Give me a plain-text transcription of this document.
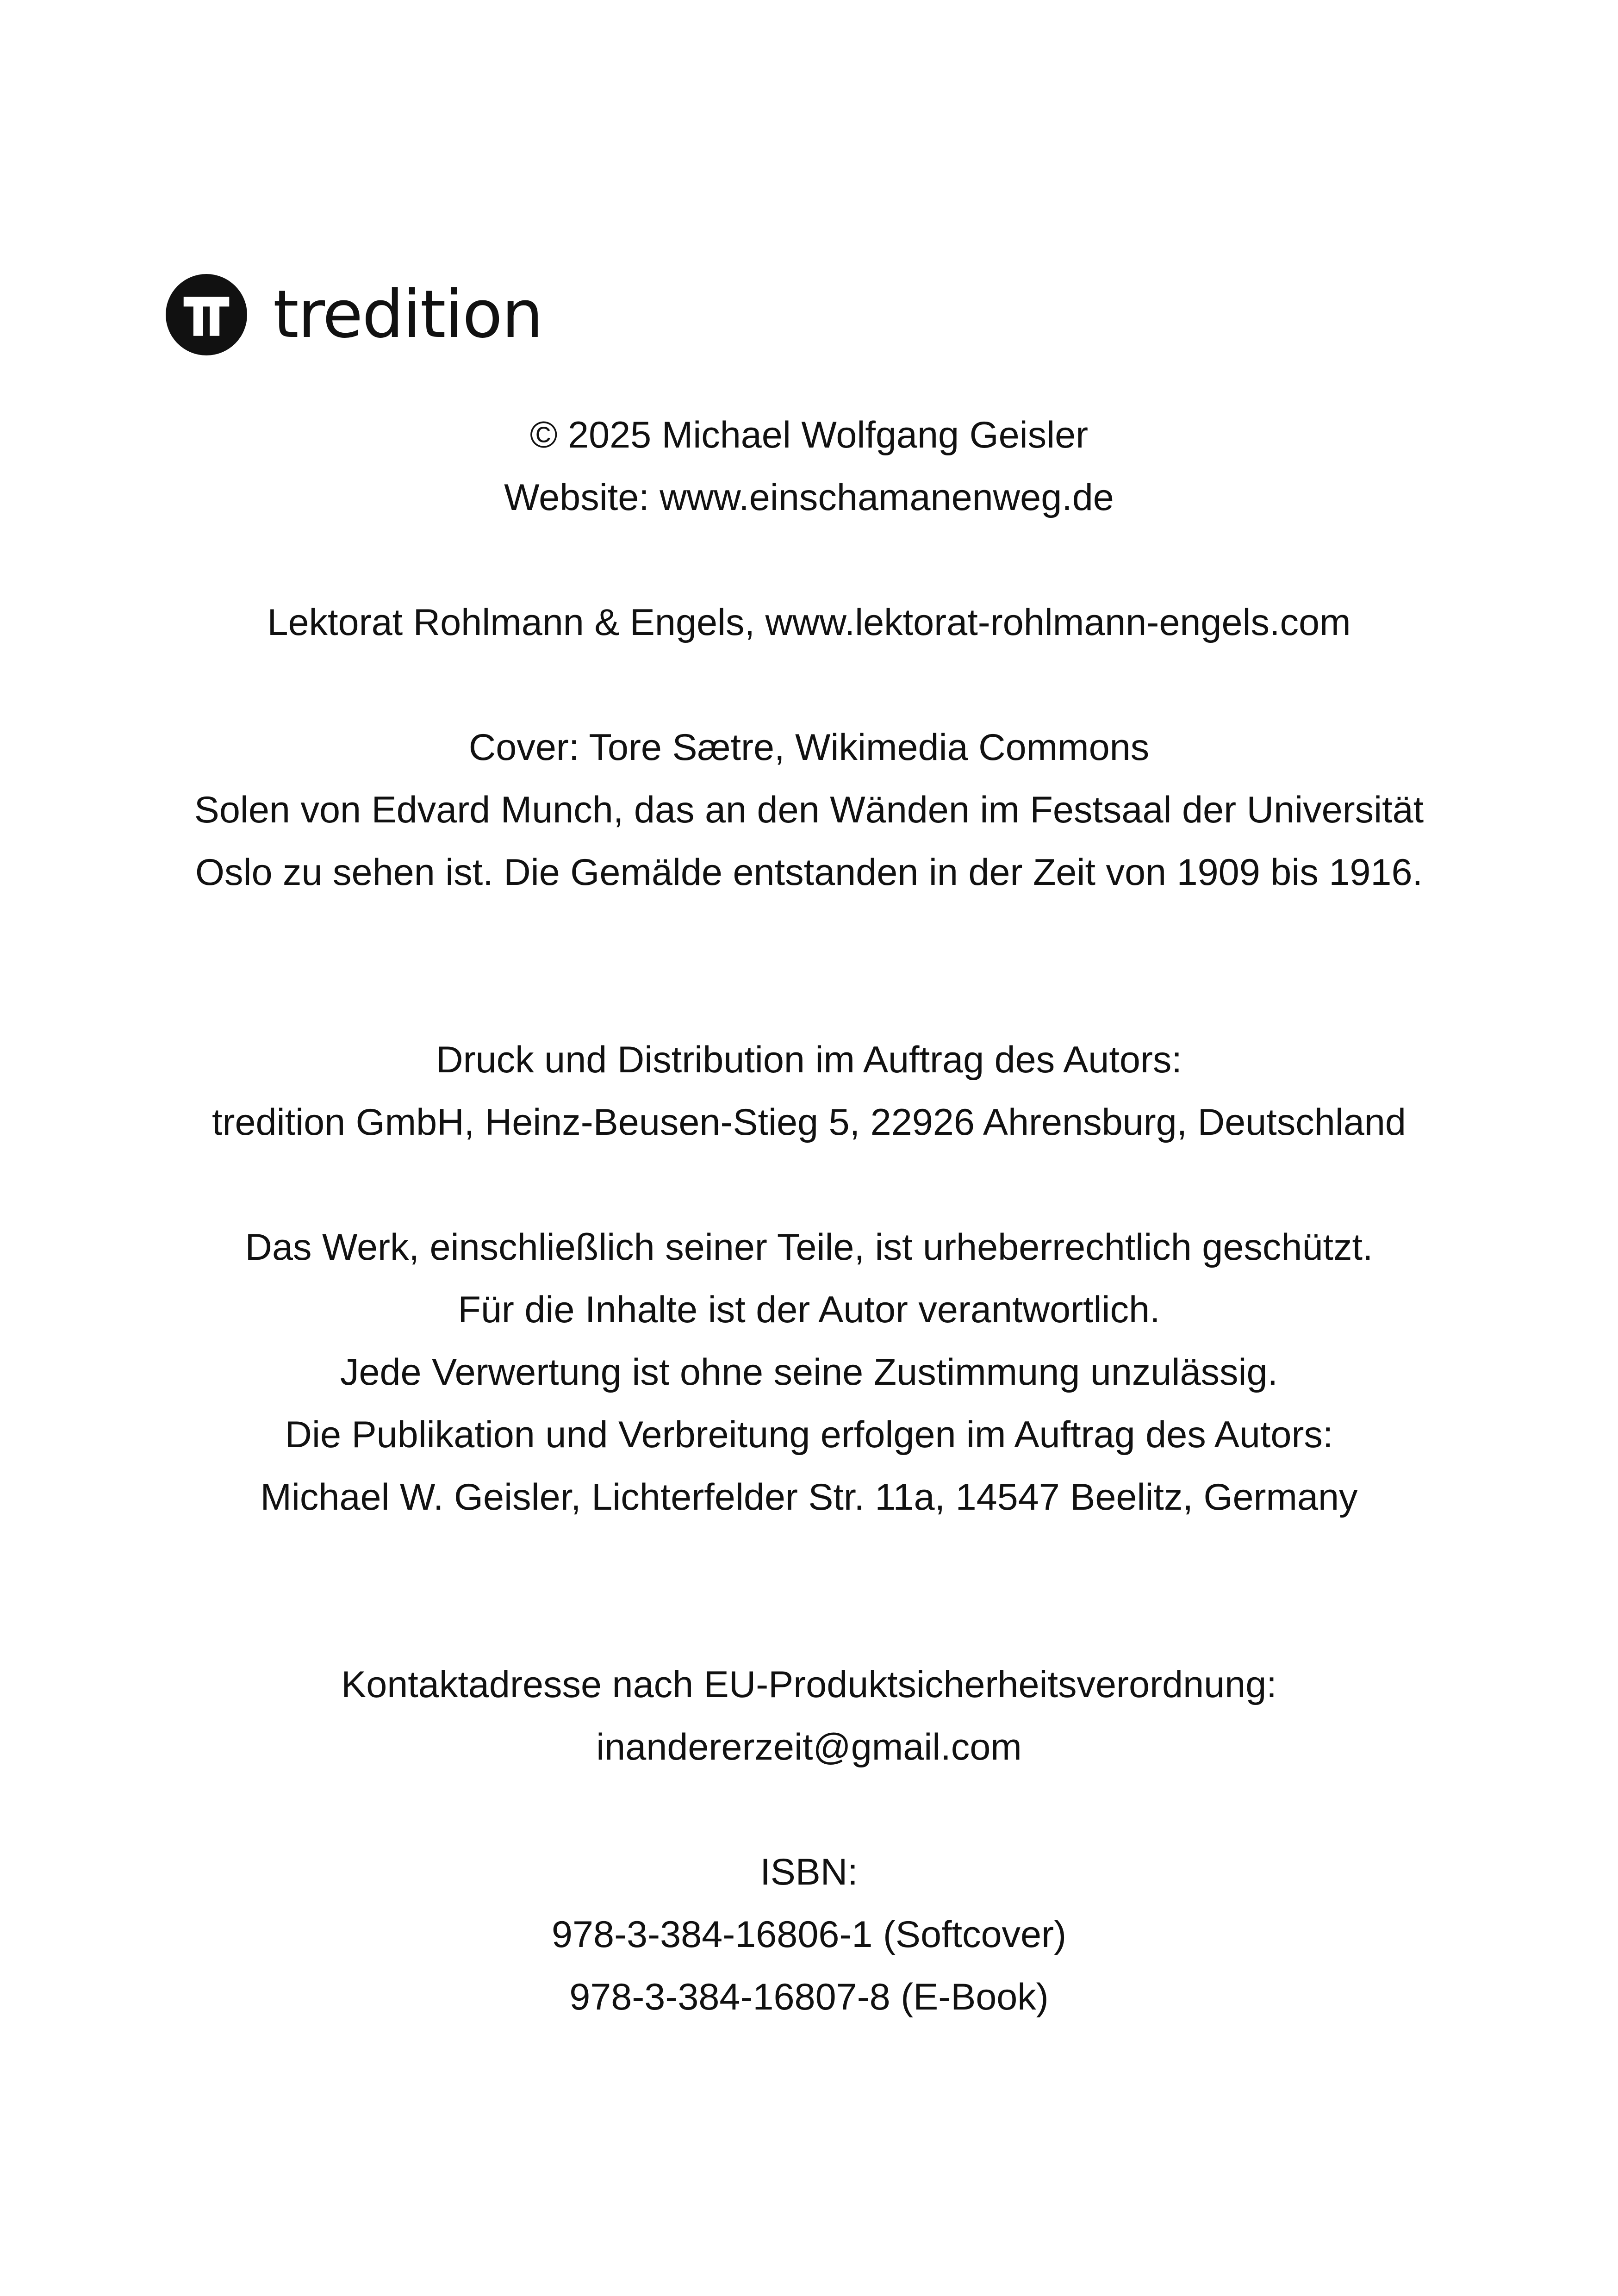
tredition
© 2025 Michael Wolfgang Geisler
Website: www.einschamanenweg.de
Lektorat Rohlmann & Engels, www.lektorat-rohlmann-engels.com
Cover: Tore Sætre, Wikimedia Commons
Solen von Edvard Munch, das an den Wänden im Festsaal der Universität
Oslo zu sehen ist. Die Gemälde entstanden in der Zeit von 1909 bis 1916.
Druck und Distribution im Auftrag des Autors:
tredition GmbH, Heinz-Beusen-Stieg 5, 22926 Ahrensburg, Deutschland
Das Werk, einschließlich seiner Teile, ist urheberrechtlich geschützt.
Für die Inhalte ist der Autor verantwortlich.
Jede Verwertung ist ohne seine Zustimmung unzulässig.
Die Publikation und Verbreitung erfolgen im Auftrag des Autors:
Michael W. Geisler, Lichterfelder Str. 11a, 14547 Beelitz, Germany
Kontaktadresse nach EU-Produktsicherheitsverordnung:
inandererzeit@gmail.com
ISBN:
978-3-384-16806-1 (Softcover)
978-3-384-16807-8 (E-Book)
